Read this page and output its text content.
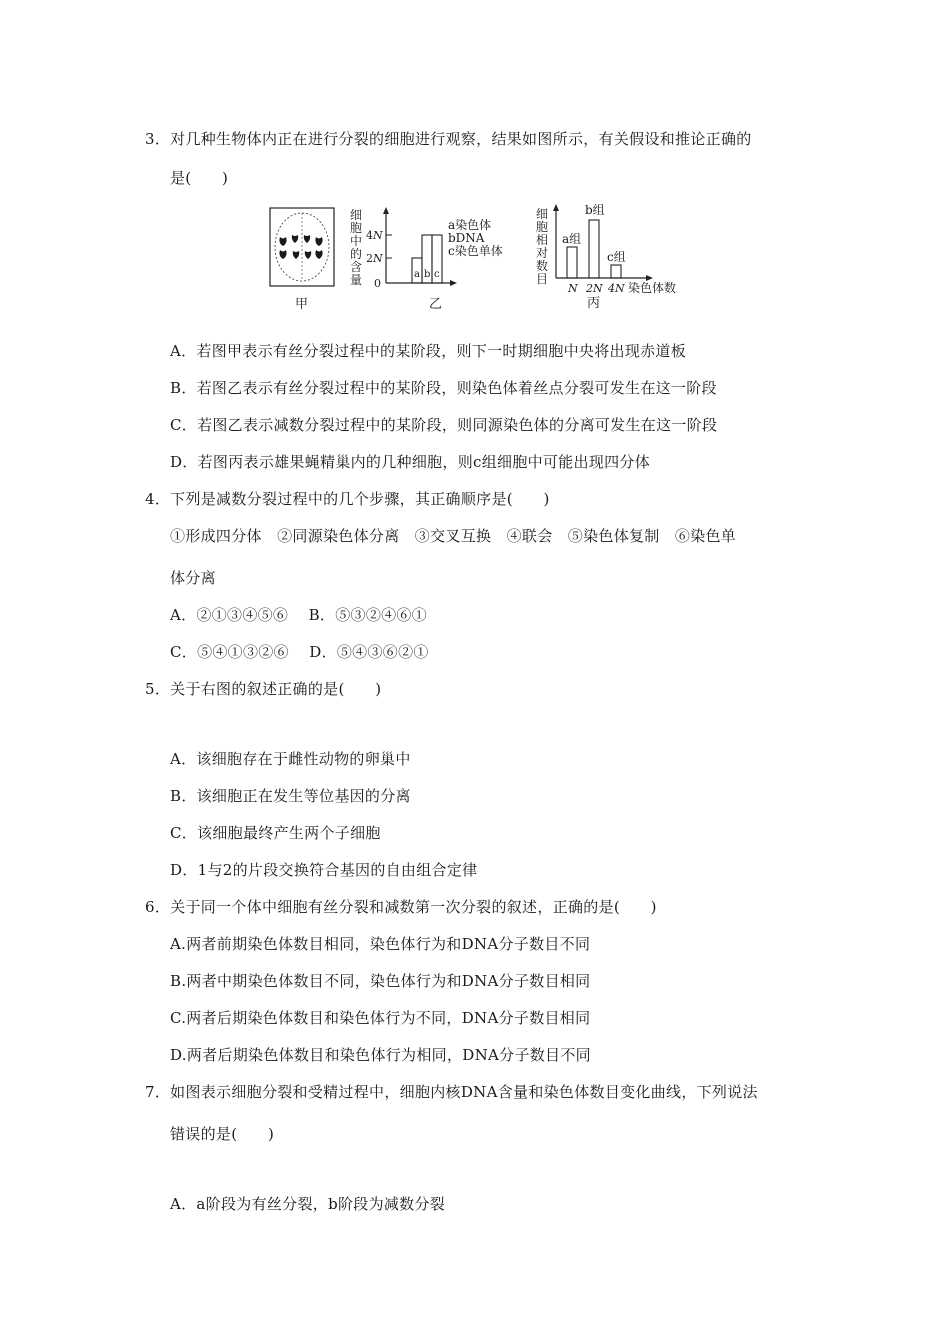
3．对几种生物体内正在进行分裂的细胞进行观察，结果如图所示，有关假设和推论正确的
是(　　)
甲
细
胞
中
的
含
量
4 N
2 N
0
a b c
a染色体
bDNA
c染色单体
乙
细
胞
相
对
数
目
a组
b组
c组
N 2N 4N 染色体数
丙
A．若图甲表示有丝分裂过程中的某阶段，则下一时期细胞中央将出现赤道板
B．若图乙表示有丝分裂过程中的某阶段，则染色体着丝点分裂可发生在这一阶段
C．若图乙表示减数分裂过程中的某阶段，则同源染色体的分离可发生在这一阶段
D．若图丙表示雄果蝇精巢内的几种细胞，则c组细胞中可能出现四分体
4．下列是减数分裂过程中的几个步骤，其正确顺序是(　　)
①形成四分体　②同源染色体分离　③交叉互换　④联会　⑤染色体复制　⑥染色单
体分离
A．②①③④⑤⑥　 B．⑤③②④⑥①
C．⑤④①③②⑥　 D．⑤④③⑥②①
5．关于右图的叙述正确的是(　　)
A．该细胞存在于雌性动物的卵巢中
B．该细胞正在发生等位基因的分离
C．该细胞最终产生两个子细胞
D．1与2的片段交换符合基因的自由组合定律
6．关于同一个体中细胞有丝分裂和减数第一次分裂的叙述，正确的是(　　)
A.两者前期染色体数目相同，染色体行为和DNA分子数目不同
B.两者中期染色体数目不同，染色体行为和DNA分子数目相同
C.两者后期染色体数目和染色体行为不同，DNA分子数目相同
D.两者后期染色体数目和染色体行为相同，DNA分子数目不同
7．如图表示细胞分裂和受精过程中，细胞内核DNA含量和染色体数目变化曲线，下列说法
错误的是(　　)
A．a阶段为有丝分裂，b阶段为减数分裂
